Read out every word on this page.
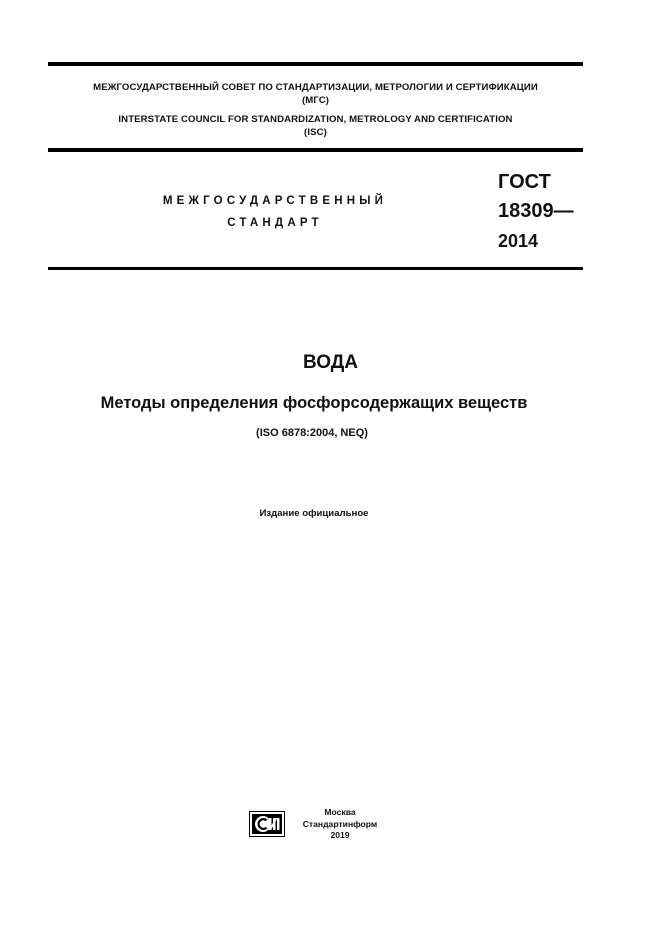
МЕЖГОСУДАРСТВЕННЫЙ СОВЕТ ПО СТАНДАРТИЗАЦИИ, МЕТРОЛОГИИ И СЕРТИФИКАЦИИ
(МГС)
INTERSTATE COUNCIL FOR STANDARDIZATION, METROLOGY AND CERTIFICATION
(ISC)
МЕЖГОСУДАРСТВЕННЫЙ
СТАНДАРТ
ГОСТ
18309—
2014
ВОДА
Методы определения фосфорсодержащих веществ
(ISO 6878:2004, NEQ)
Издание официальное
Москва
Стандартинформ
2019
